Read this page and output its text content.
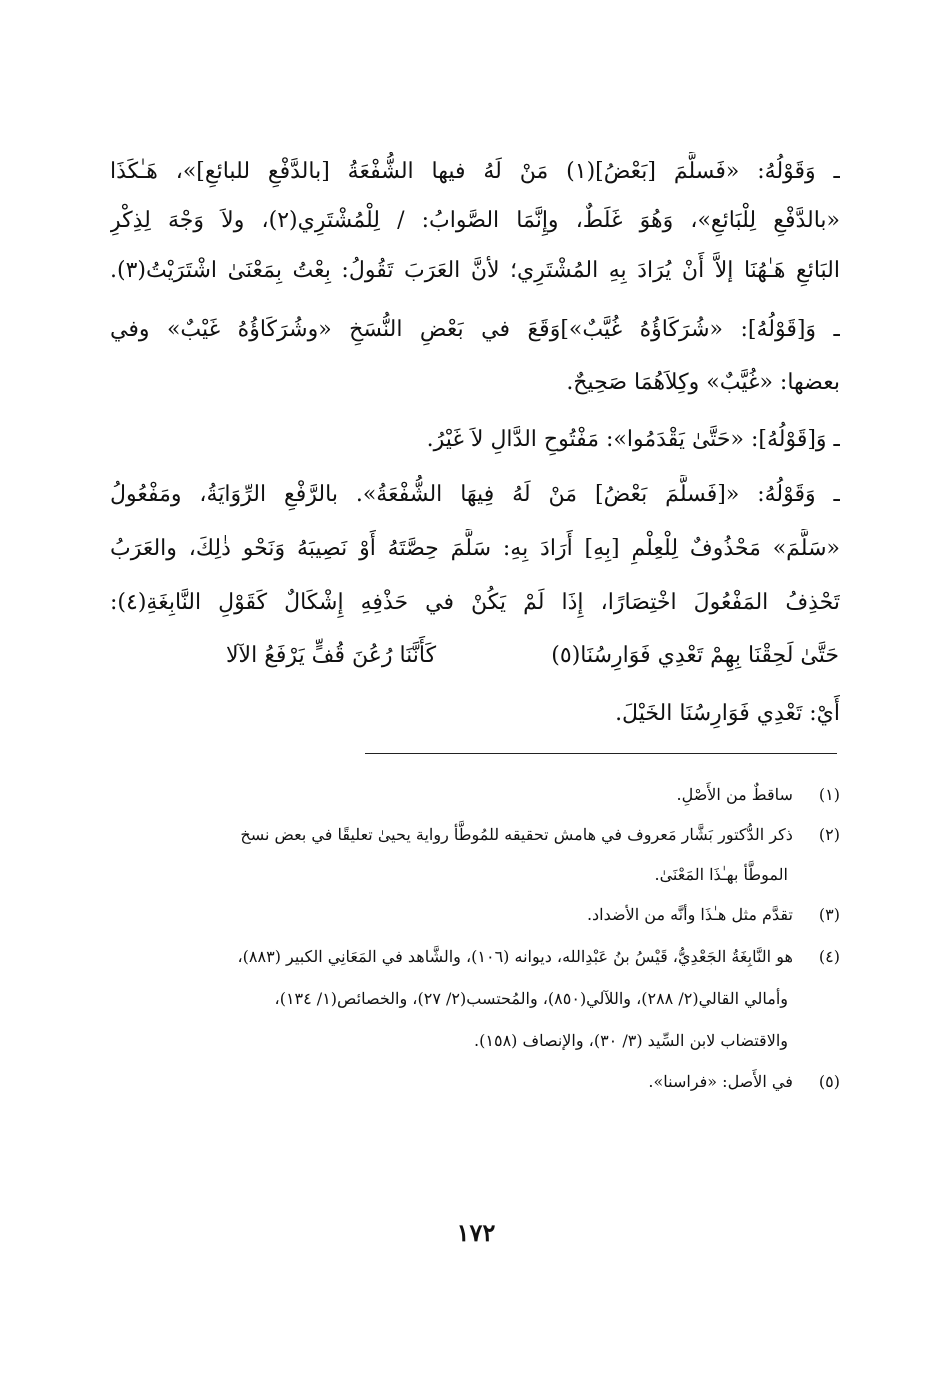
ـ وَقَوْلُهُ: «فَسلَّمَ [بَعْضُ](١) مَنْ لَهُ فيها الشُّفْعَةُ [بالدَّفْعِ للبائعِ]»، هَـٰكَذَا
«بالدَّفْعِ لِلْبَائعِ»، وَهُوَ غَلَطٌ، وإِنَّمَا الصَّوابُ: / لِلْمُشْتَرِي(٢)، ولاَ وَجْهَ لِذِكْرِ
البَائعِ هَـٰهُنَا إلاَّ أَنْ يُرَادَ بِهِ المُشْتَرِي؛ لأنَّ العَرَبَ تَقُولُ: بِعْتُ بِمَعْنَىٰ اشْتَرَيْتُ(٣).
ـ وَ[قَوْلُهُ]: «شُرَكَاؤُهُ غُيَّبٌ»]وَقَعَ في بَعْضِ النُّسَخِ «وشُرَكَاؤُهُ غَيْبٌ» وفي
بعضها: «غُيَّبٌ» وكِلاَهُمَا صَحِيحٌ.
ـ وَ[قَوْلُهُ]: «حَتَّىٰ يَقْدَمُوا»: مَفْتُوحِ الدَّالِ لاَ غَيْرُ.
ـ وَقَوْلُهُ: «[فَسلَّمَ بَعْضُ] مَنْ لَهُ فِيهَا الشُّفْعَةُ». بالرَّفْعِ الرِّوَايَةُ، ومَفْعُولُ
«سَلَّمَ» مَحْذُوفٌ لِلْعِلْمِ [بِهِ] أَرَادَ بِهِ: سَلَّمَ حِصَّتَهُ أَوْ نَصِيبَهُ وَنَحْو ذٰلِكَ، والعَرَبُ
تَحْذِفُ المَفْعُولَ اخْتِصَارًا، إِذَا لَمْ يَكُنْ في حَذْفِهِ إِشْكَالٌ كَقَوْلِ النَّابِغَةِ(٤):
حَتَّىٰ لَحِقْنَا بِهِمْ تَعْدِي فَوَارِسُنَا(٥)
كَأَنَّنَا رُعُنَ قُفٍّ يَرْفَعُ الآلا
أَيْ: تَعْدِي فَوَارِسُنَا الخَيْلَ.
(١) ساقطٌ من الأَصْلِ.
(٢) ذكر الدُّكتور بَشَّار مَعروف في هامش تحقيقه للمُوطَّأ رواية يحيىٰ تعليقًا في بعض نسخ
الموطَّأ بهـٰذَا المَعْنَىٰ.
(٣) تقدَّم مثل هـٰذَا وأنَّه من الأضداد.
(٤) هو النَّابِغَةُ الجَعْدِيُّ، قَيْسُ بنُ عَبْدِالله، ديوانه (١٠٦)، والشَّاهد في المَعَانِي الكبير (٨٨٣)،
وأمالي القالي(٢/ ٢٨٨)، واللآلي(٨٥٠)، والمُحتسب(٢/ ٢٧)، والخصائص(١/ ١٣٤)،
والاقتضاب لابن السِّيد (٣/ ٣٠)، والإنصاف (١٥٨).
(٥) في الأَصل: «فراسنا».
١٧٢
